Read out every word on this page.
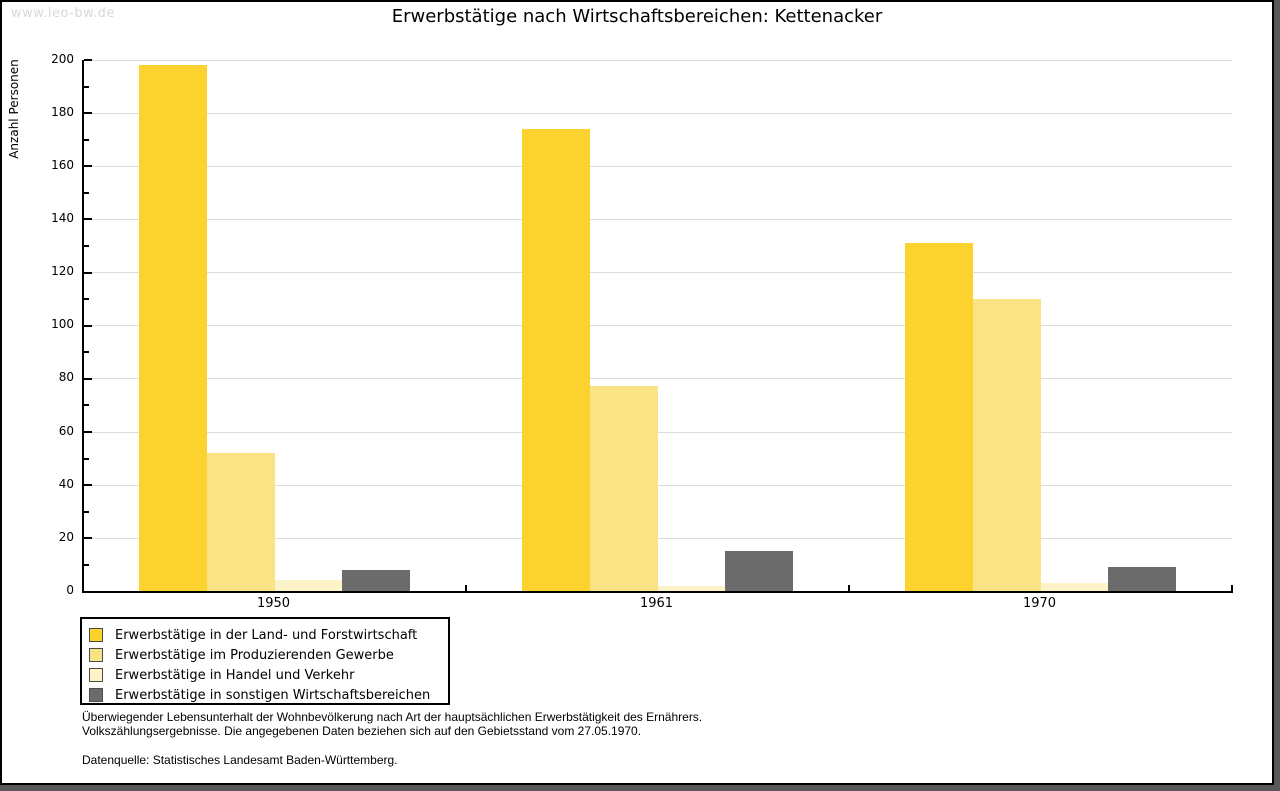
www.leo-bw.de	Erwerbstätige nach Wirtschaftsbereichen: Kettenacker
Anzahl Personen
0
20
40
60
80
100
120
140
160
180
200
1950	1961	1970
Erwerbstätige in der Land- und Forstwirtschaft
Erwerbstätige im Produzierenden Gewerbe
Erwerbstätige in Handel und Verkehr
Erwerbstätige in sonstigen Wirtschaftsbereichen
Überwiegender Lebensunterhalt der Wohnbevölkerung nach Art der hauptsächlichen Erwerbstätigkeit des Ernährers.
Volkszählungsergebnisse. Die angegebenen Daten beziehen sich auf den Gebietsstand vom 27.05.1970.
Datenquelle: Statistisches Landesamt Baden-Württemberg.
